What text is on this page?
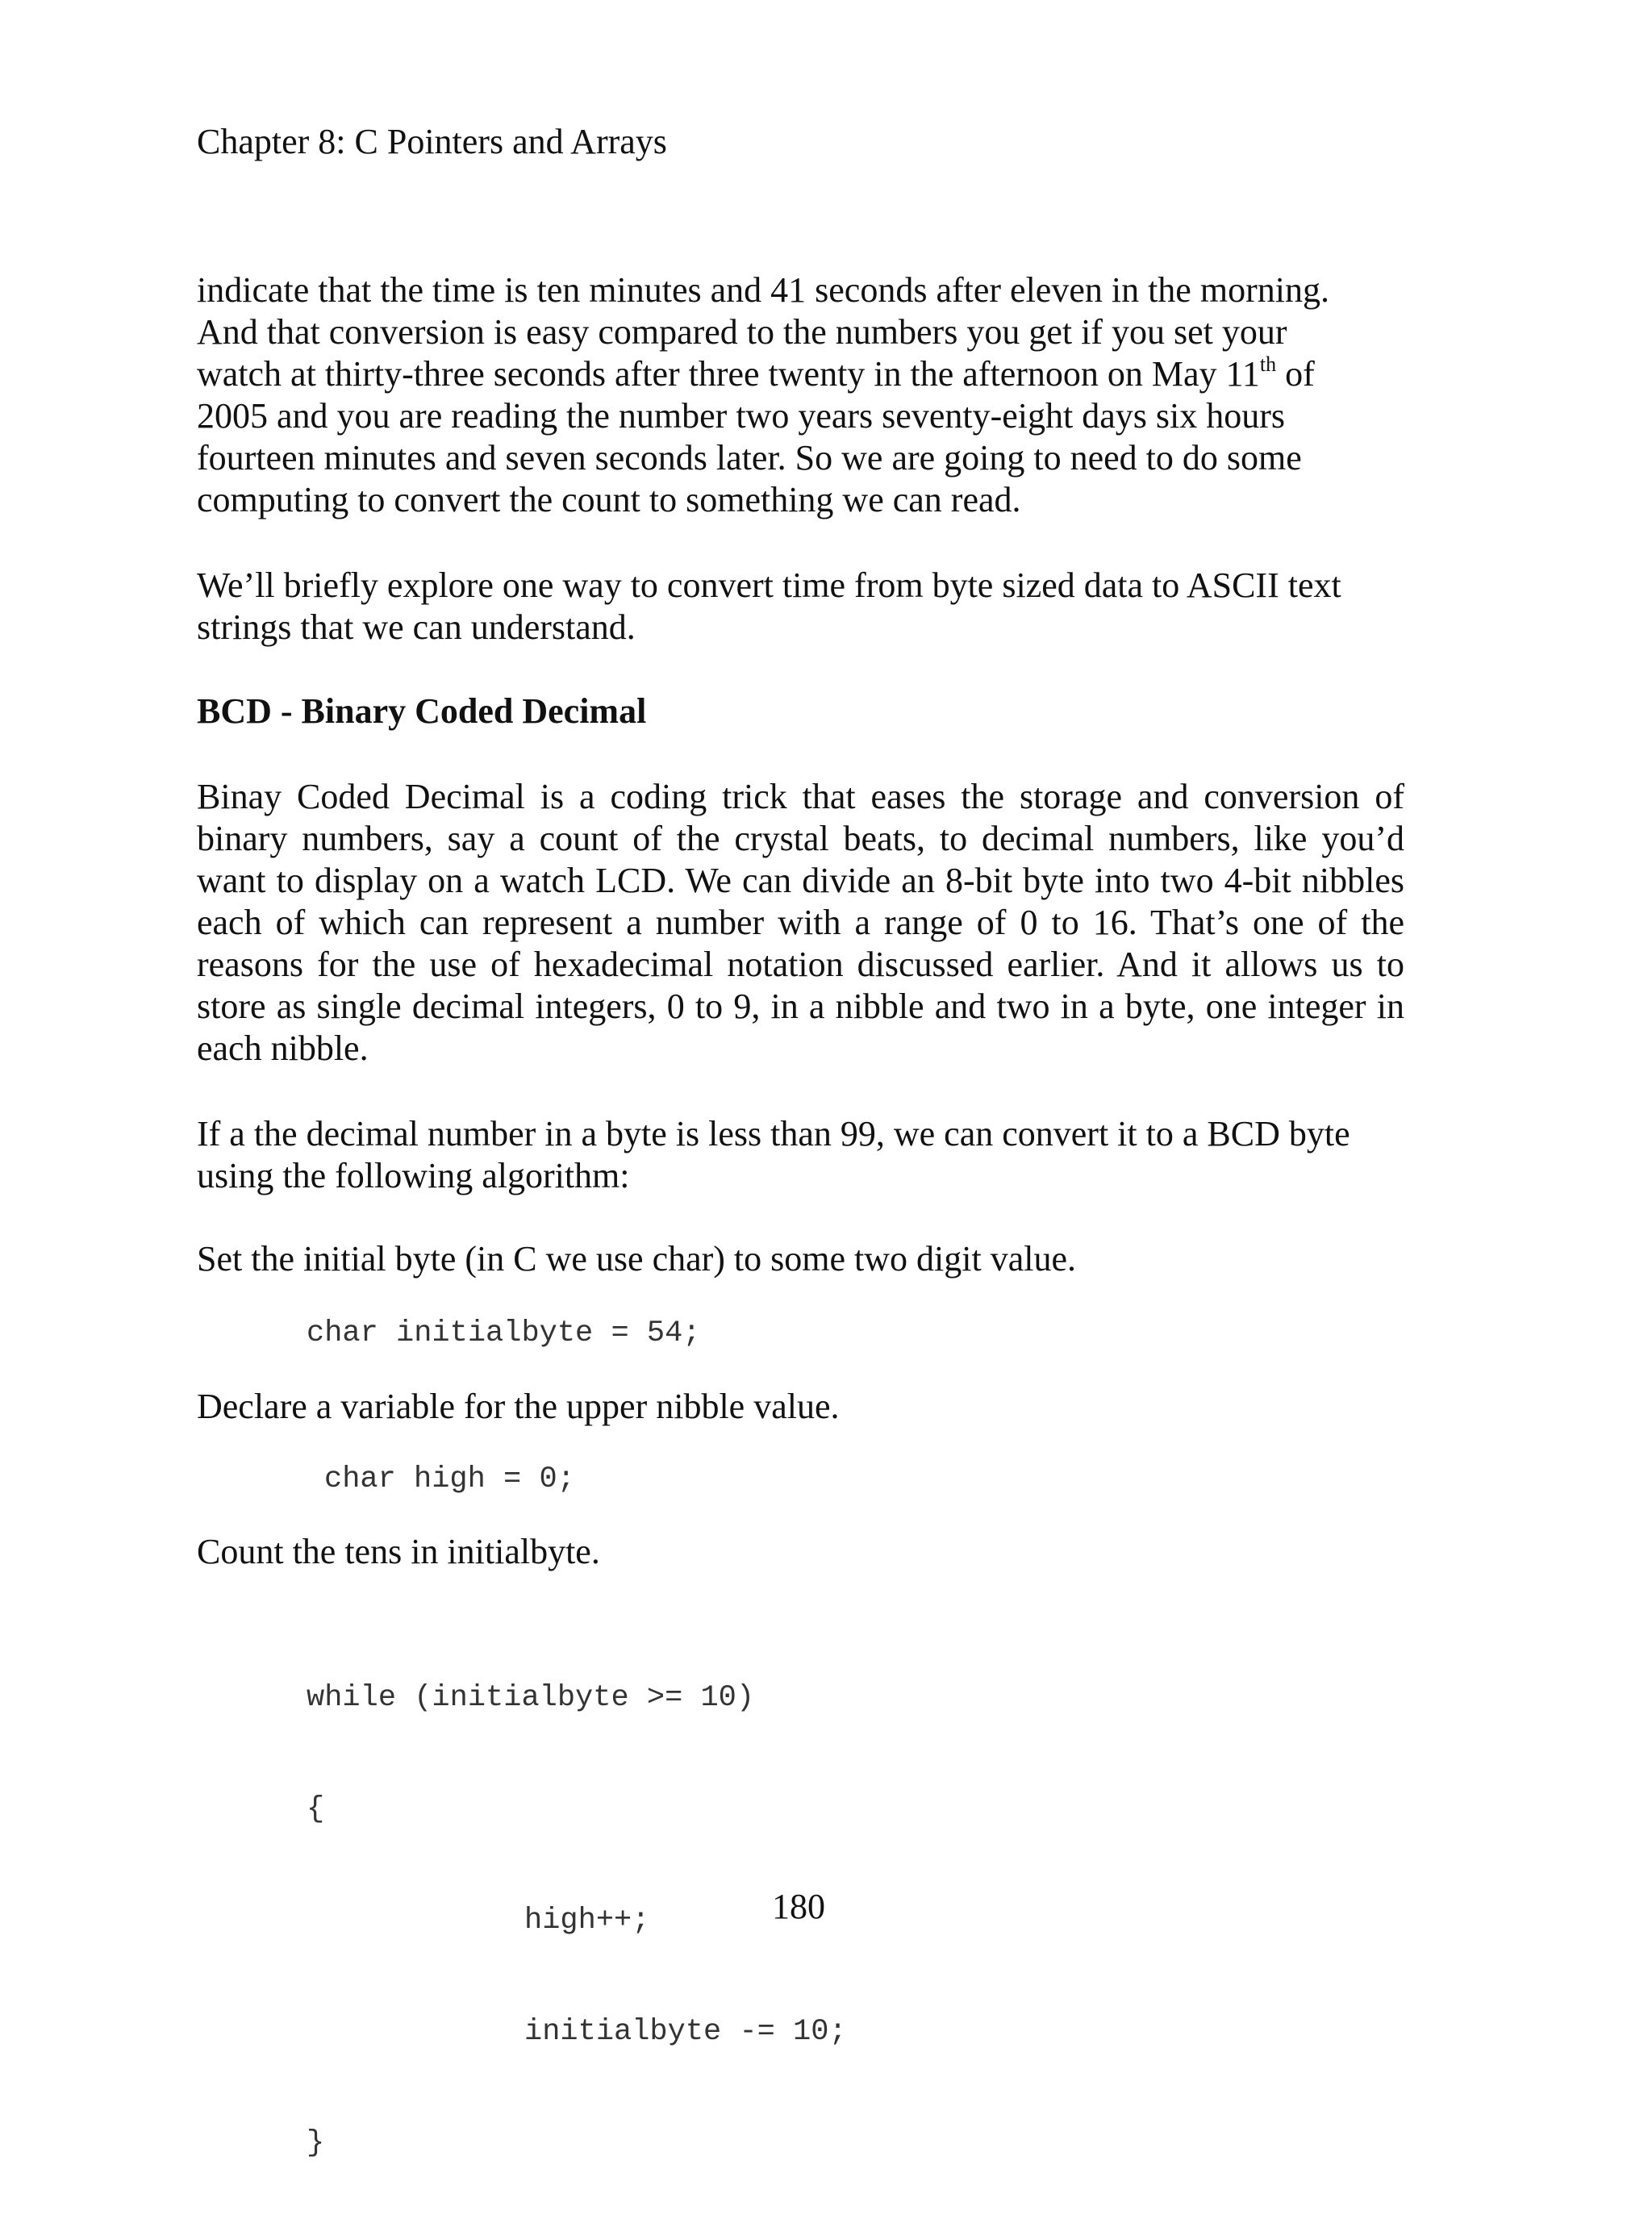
Chapter 8: C Pointers and Arrays

indicate that the time is ten minutes and 41 seconds after eleven in the morning.
And that conversion is easy compared to the numbers you get if you set your
watch at thirty-three seconds after three twenty in the afternoon on May 11th of
2005 and you are reading the number two years seventy-eight days six hours
fourteen minutes and seven seconds later. So we are going to need to do some
computing to convert the count to something we can read.
We’ll briefly explore one way to convert time from byte sized data to ASCII text
strings that we can understand.
BCD - Binary Coded Decimal

Binay Coded Decimal is a coding trick that eases the storage and conversion of binary numbers, say a count of the crystal beats, to decimal numbers, like you’d want to display on a watch LCD. We can divide an 8-bit byte into two 4-bit nibbles each of which can represent a number with a range of 0 to 16. That’s one of the reasons for the use of hexadecimal notation discussed earlier. And it allows us to store as single decimal integers, 0 to 9, in a nibble and two in a byte, one integer in each nibble.

If a the decimal number in a byte is less than 99, we can convert it to a BCD byte
using the following algorithm:

Set the initial byte (in C we use char) to some two digit value.

char initialbyte = 54;

Declare a variable for the upper nibble value.

char high = 0;

Count the tens in initialbyte.

while (initialbyte >= 10)

{

high++;

initialbyte -= 10;

}

180
